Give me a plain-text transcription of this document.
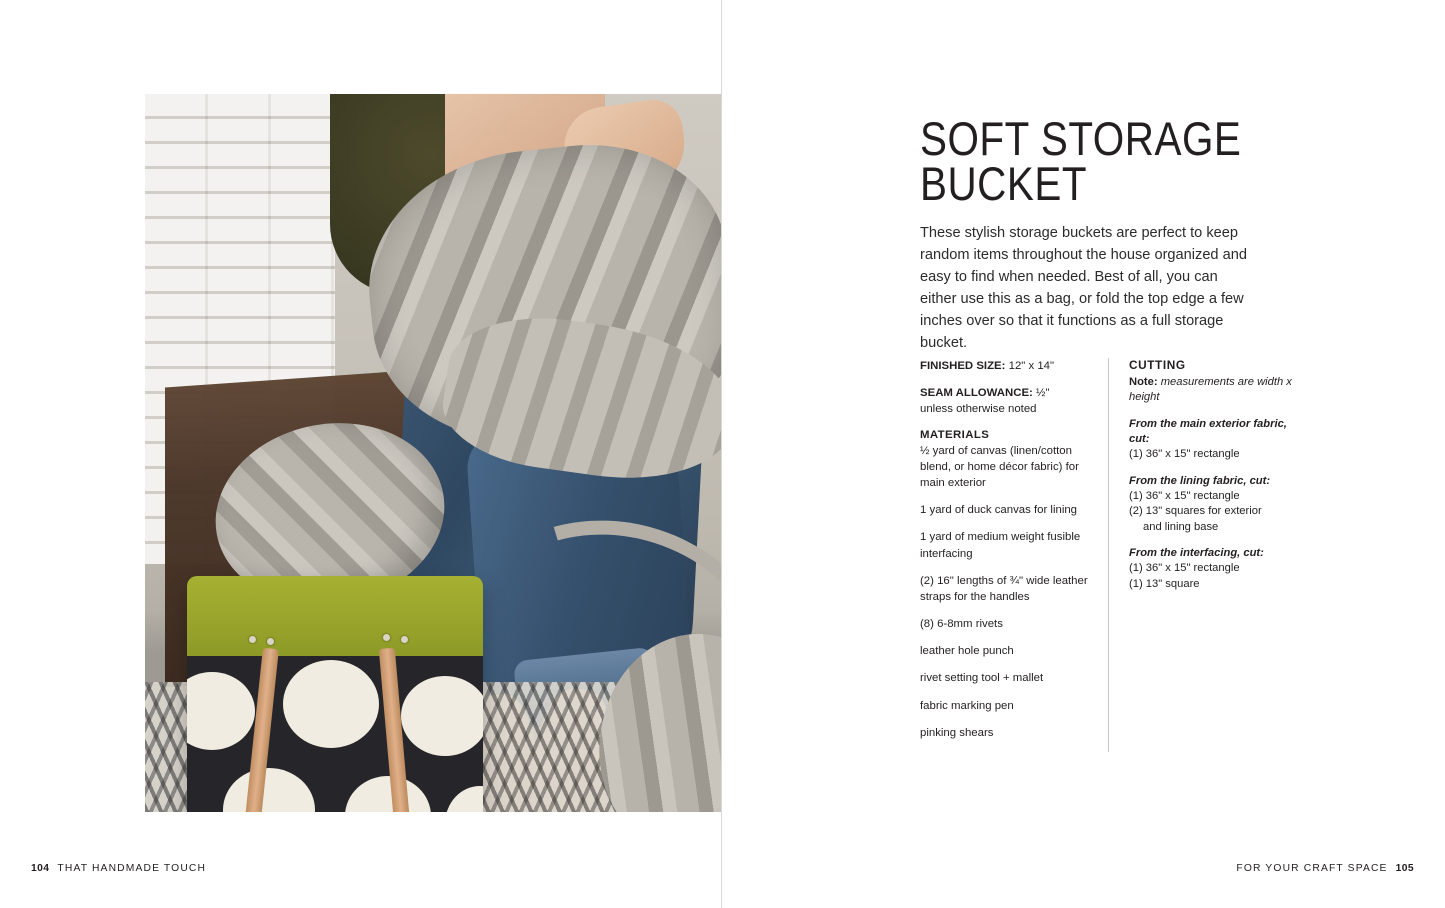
104 THAT HANDMADE TOUCH
SOFT STORAGE
BUCKET

These stylish storage buckets are perfect to keep random items throughout the house organized and easy to find when needed. Best of all, you can either use this as a bag, or fold the top edge a few inches over so that it functions as a full storage bucket.

FINISHED SIZE: 12" x 14"
SEAM ALLOWANCE: ½"
unless otherwise noted
MATERIALS
½ yard of canvas (linen/cotton blend, or home décor fabric) for main exterior
1 yard of duck canvas for lining
1 yard of medium weight fusible interfacing
(2) 16" lengths of ¾" wide leather straps for the handles
(8) 6-8mm rivets
leather hole punch
rivet setting tool + mallet
fabric marking pen
pinking shears
CUTTING
Note: measurements are width x height
From the main exterior fabric, cut:
(1) 36" x 15" rectangle
From the lining fabric, cut:
(1) 36" x 15" rectangle
(2) 13" squares for exterior
and lining base
From the interfacing, cut:
(1) 36" x 15" rectangle
(1) 13" square
FOR YOUR CRAFT SPACE 105
